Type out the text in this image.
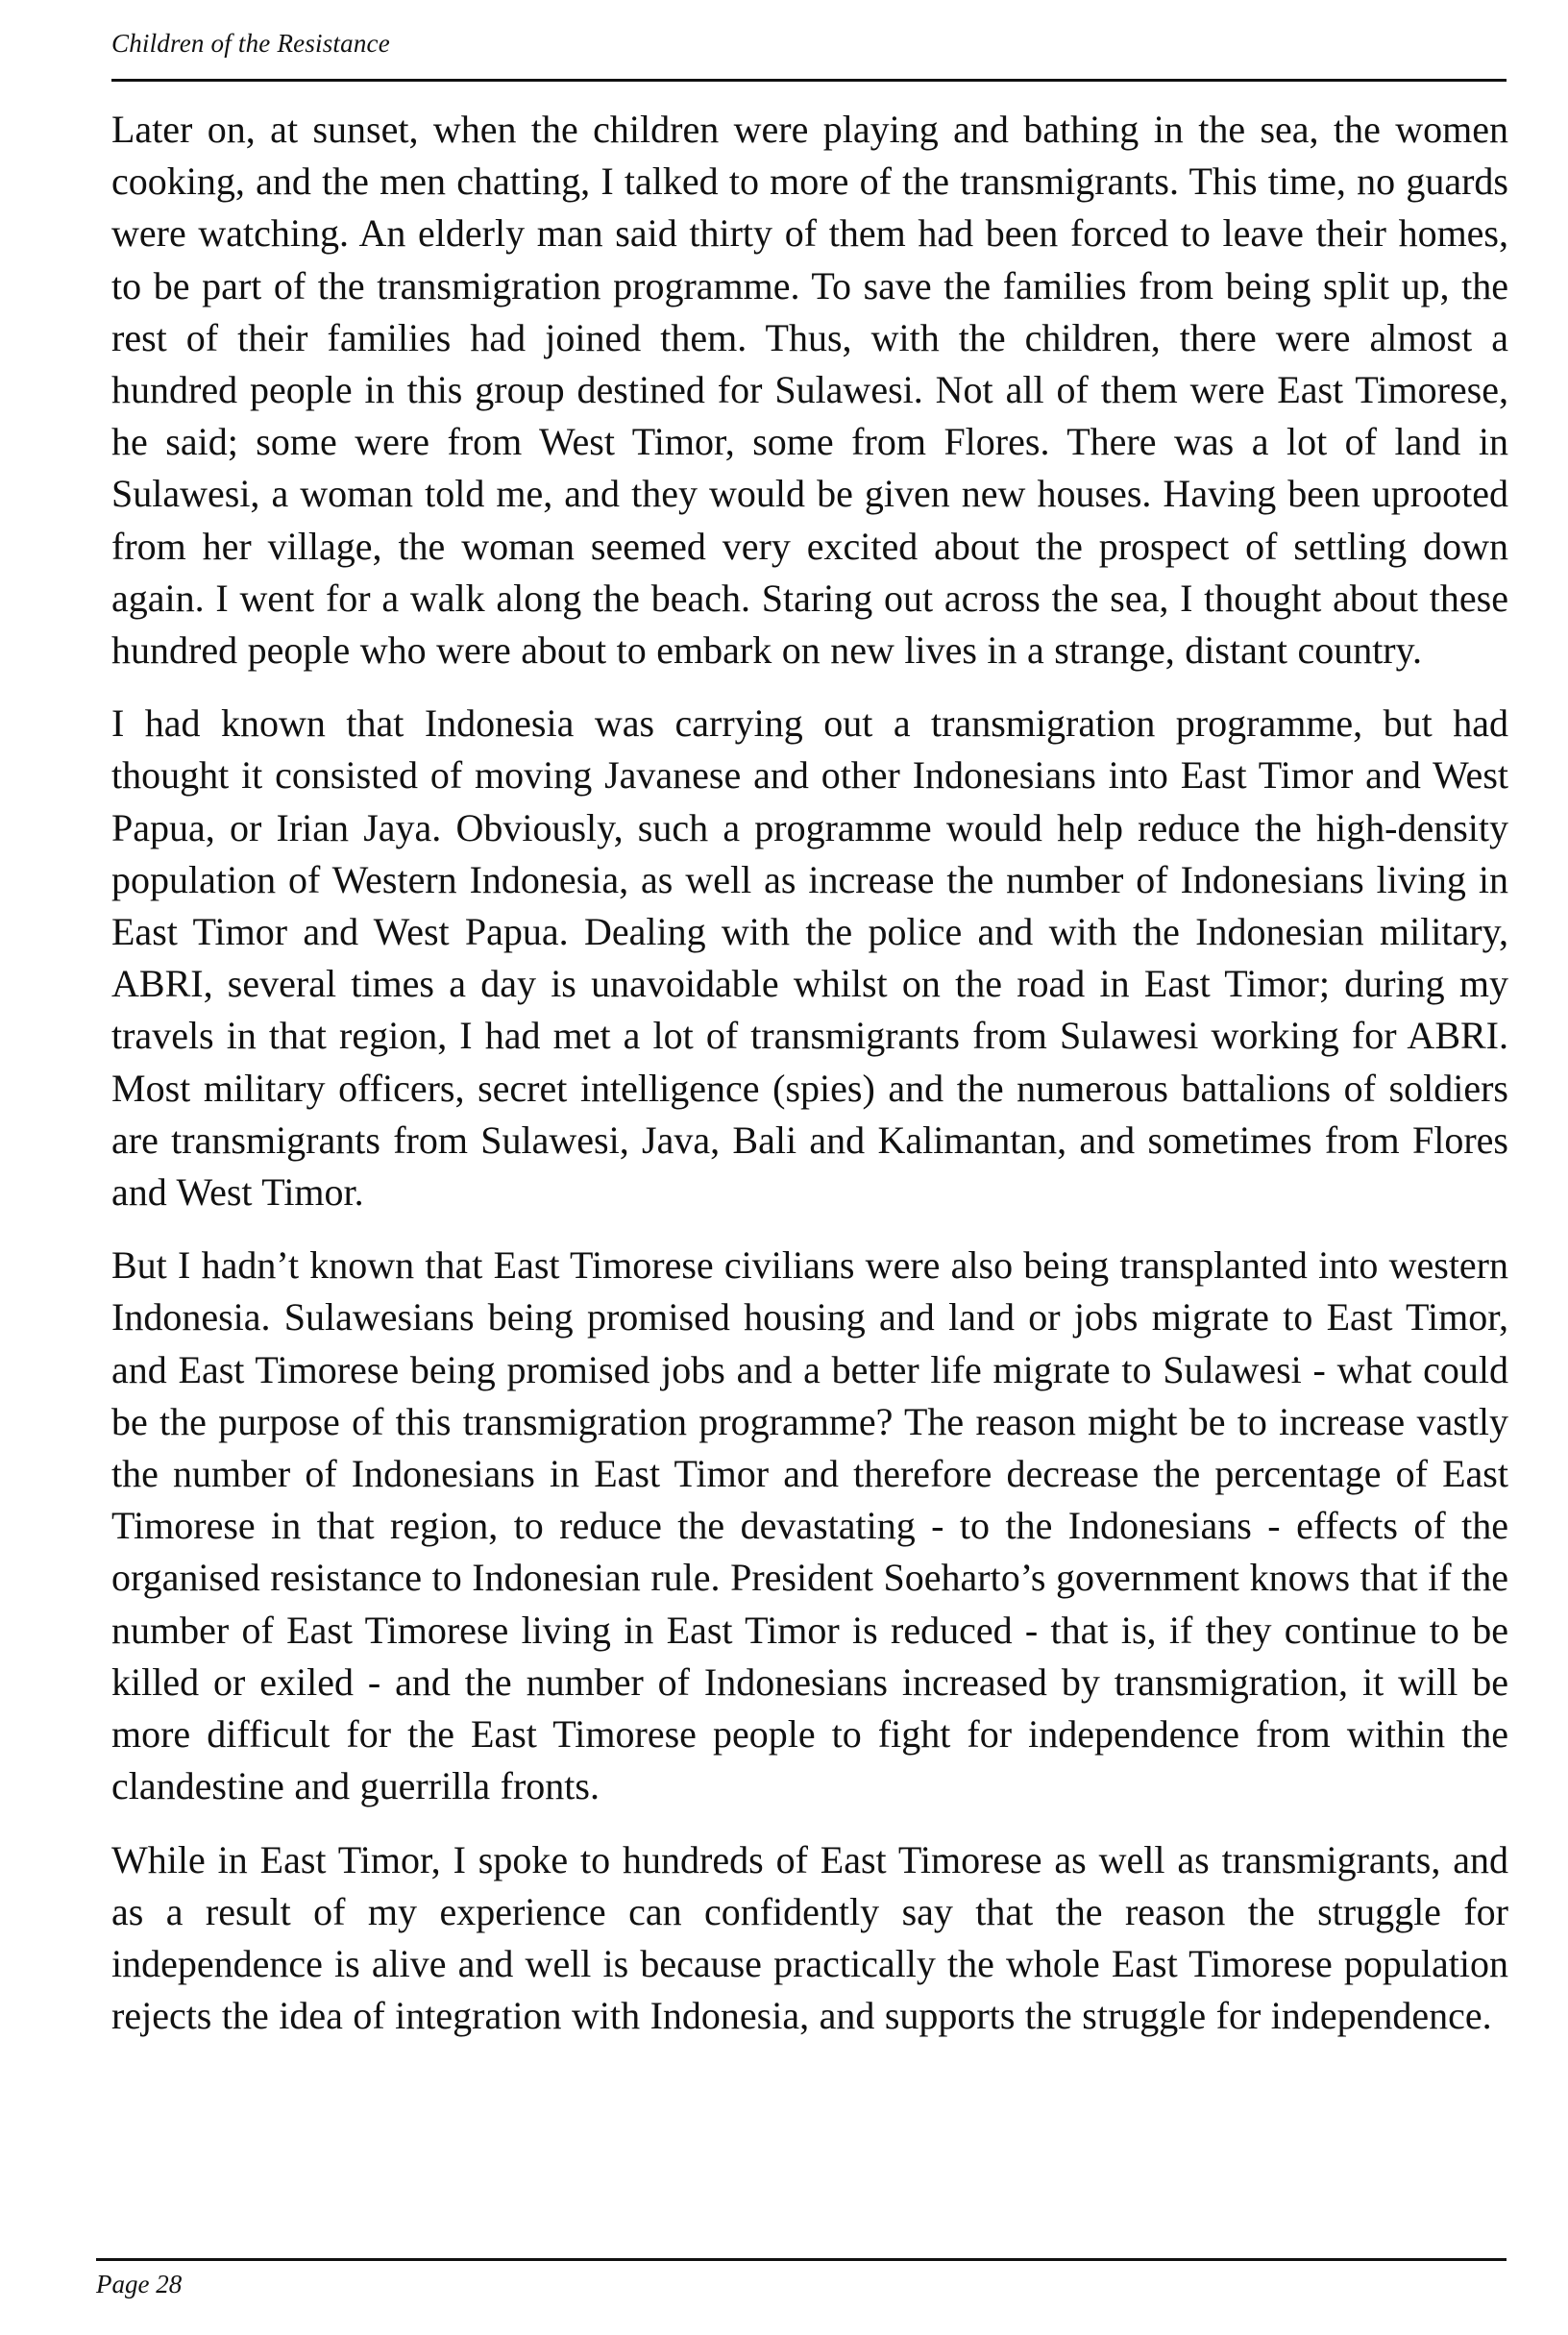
Children of the Resistance

Later on, at sunset, when the children were playing and bathing in the sea, the women cooking, and the men chatting, I talked to more of the transmigrants. This time, no guards were watching. An elderly man said thirty of them had been forced to leave their homes, to be part of the transmigration programme. To save the families from being split up, the rest of their families had joined them. Thus, with the children, there were almost a hundred people in this group destined for Sulawesi. Not all of them were East Timorese, he said; some were from West Timor, some from Flores. There was a lot of land in Sulawesi, a woman told me, and they would be given new houses. Having been uprooted from her village, the woman seemed very excited about the prospect of settling down again. I went for a walk along the beach. Staring out across the sea, I thought about these hundred people who were about to embark on new lives in a strange, distant country.

I had known that Indonesia was carrying out a transmigration programme, but had thought it consisted of moving Javanese and other Indonesians into East Timor and West Papua, or Irian Jaya. Obviously, such a programme would help reduce the high-density population of Western Indonesia, as well as increase the number of Indonesians living in East Timor and West Papua. Dealing with the police and with the Indonesian military, ABRI, several times a day is unavoidable whilst on the road in East Timor; during my travels in that region, I had met a lot of transmigrants from Sulawesi working for ABRI. Most military officers, secret intelligence (spies) and the numerous battalions of soldiers are transmigrants from Sulawesi, Java, Bali and Kalimantan, and sometimes from Flores and West Timor.

But I hadn’t known that East Timorese civilians were also being transplanted into western Indonesia. Sulawesians being promised housing and land or jobs migrate to East Timor, and East Timorese being promised jobs and a better life migrate to Sulawesi - what could be the purpose of this transmigration programme? The reason might be to increase vastly the number of Indonesians in East Timor and therefore decrease the percentage of East Timorese in that region, to reduce the devastating - to the Indonesians - effects of the organised resistance to Indonesian rule. President Soeharto’s government knows that if the number of East Timorese living in East Timor is reduced - that is, if they continue to be killed or exiled - and the number of Indonesians increased by transmigration, it will be more difficult for the East Timorese people to fight for independence from within the clandestine and guerrilla fronts.

While in East Timor, I spoke to hundreds of East Timorese as well as transmigrants, and as a result of my experience can confidently say that the reason the struggle for independence is alive and well is because practically the whole East Timorese population rejects the idea of integration with Indonesia, and supports the struggle for independence.

Page 28
